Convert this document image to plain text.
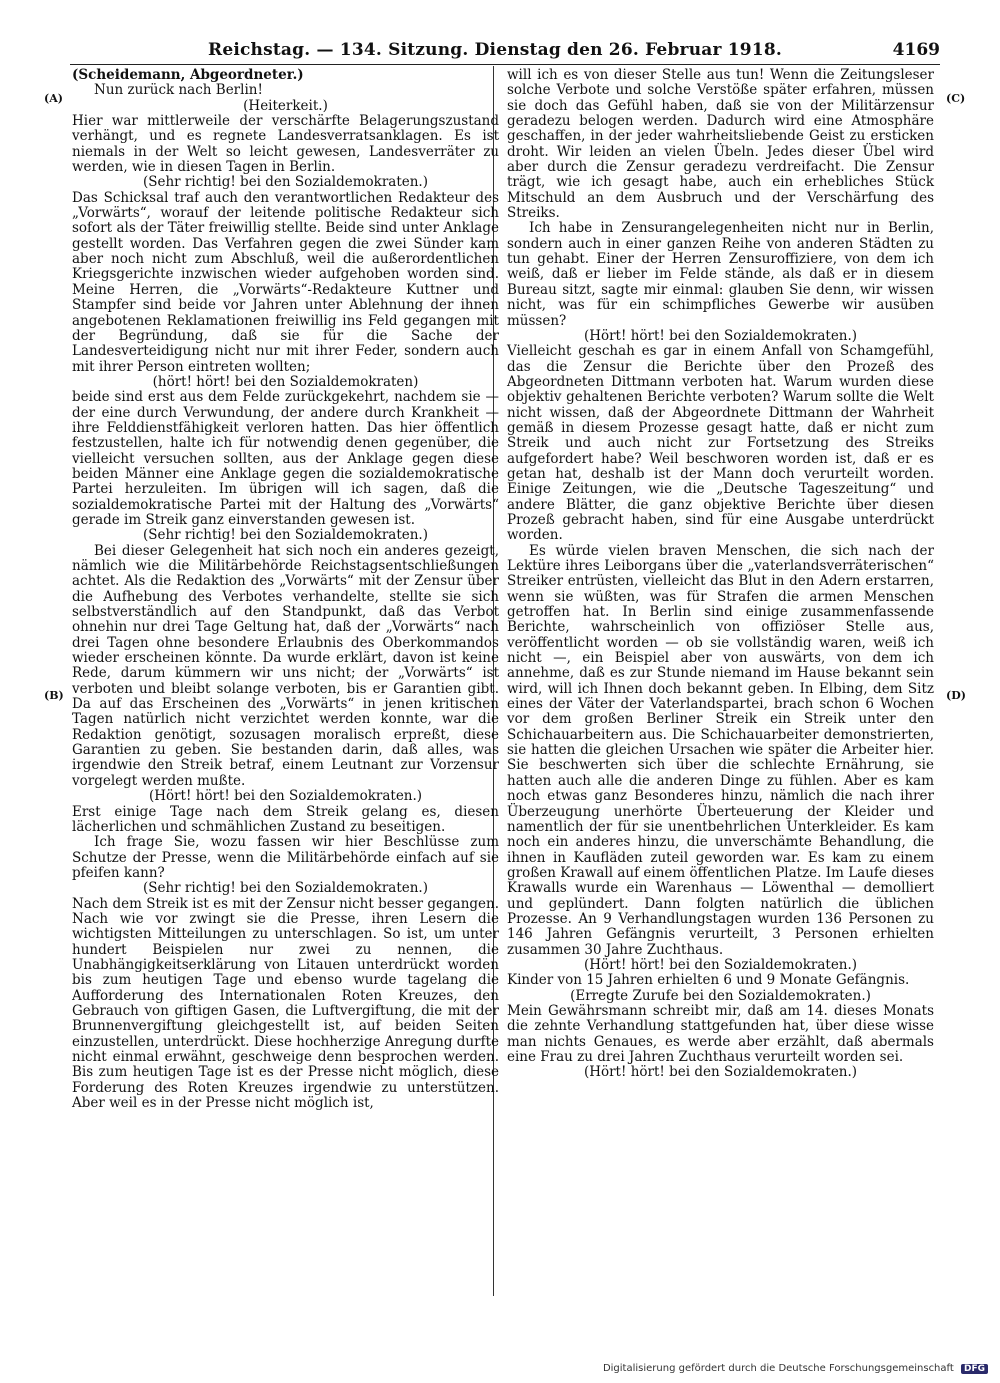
Reichstag. — 134. Sitzung. Dienstag den 26. Februar 1918.	4169
(A)
(B)
(C)
(D)

(Scheidemann, Abgeordneter.)

Nun zurück nach Berlin!

(Heiterkeit.)

Hier war mittlerweile der verschärfte Belagerungszustand verhängt, und es regnete Landesverratsanklagen. Es ist niemals in der Welt so leicht gewesen, Landesverräter zu werden, wie in diesen Tagen in Berlin.

(Sehr richtig! bei den Sozialdemokraten.)

Das Schicksal traf auch den verantwortlichen Redakteur des „Vorwärts“, worauf der leitende politische Redakteur sich sofort als der Täter freiwillig stellte. Beide sind unter Anklage gestellt worden. Das Verfahren gegen die zwei Sünder kam aber noch nicht zum Abschluß, weil die außerordentlichen Kriegsgerichte inzwischen wieder aufgehoben worden sind. Meine Herren, die „Vorwärts“-Redakteure Kuttner und Stampfer sind beide vor Jahren unter Ablehnung der ihnen angebotenen Reklamationen freiwillig ins Feld gegangen mit der Begründung, daß sie für die Sache der Landesverteidigung nicht nur mit ihrer Feder, sondern auch mit ihrer Person eintreten wollten;

(hört! hört! bei den Sozialdemokraten)

beide sind erst aus dem Felde zurückgekehrt, nachdem sie — der eine durch Verwundung, der andere durch Krankheit — ihre Felddienstfähigkeit verloren hatten. Das hier öffentlich festzustellen, halte ich für notwendig denen gegenüber, die vielleicht versuchen sollten, aus der Anklage gegen diese beiden Männer eine Anklage gegen die sozialdemokratische Partei herzuleiten. Im übrigen will ich sagen, daß die sozialdemokratische Partei mit der Haltung des „Vorwärts“ gerade im Streik ganz einverstanden gewesen ist.

(Sehr richtig! bei den Sozialdemokraten.)

Bei dieser Gelegenheit hat sich noch ein anderes gezeigt, nämlich wie die Militärbehörde Reichstagsentschließungen achtet. Als die Redaktion des „Vorwärts“ mit der Zensur über die Aufhebung des Verbotes verhandelte, stellte sie sich selbstverständlich auf den Standpunkt, daß das Verbot ohnehin nur drei Tage Geltung hat, daß der „Vorwärts“ nach drei Tagen ohne besondere Erlaubnis des Oberkommandos wieder erscheinen könnte. Da wurde erklärt, davon ist keine Rede, darum kümmern wir uns nicht; der „Vorwärts“ ist verboten und bleibt solange verboten, bis er Garantien gibt. Da auf das Erscheinen des „Vorwärts“ in jenen kritischen Tagen natürlich nicht verzichtet werden konnte, war die Redaktion genötigt, sozusagen moralisch erpreßt, diese Garantien zu geben. Sie bestanden darin, daß alles, was irgendwie den Streik betraf, einem Leutnant zur Vorzensur vorgelegt werden mußte.

(Hört! hört! bei den Sozialdemokraten.)

Erst einige Tage nach dem Streik gelang es, diesen lächerlichen und schmählichen Zustand zu beseitigen.

Ich frage Sie, wozu fassen wir hier Beschlüsse zum Schutze der Presse, wenn die Militärbehörde einfach auf sie pfeifen kann?

(Sehr richtig! bei den Sozialdemokraten.)

Nach dem Streik ist es mit der Zensur nicht besser gegangen. Nach wie vor zwingt sie die Presse, ihren Lesern die wichtigsten Mitteilungen zu unterschlagen. So ist, um unter hundert Beispielen nur zwei zu nennen, die Unabhängigkeitserklärung von Litauen unterdrückt worden bis zum heutigen Tage und ebenso wurde tagelang die Aufforderung des Internationalen Roten Kreuzes, den Gebrauch von giftigen Gasen, die Luftvergiftung, die mit der Brunnenvergiftung gleichgestellt ist, auf beiden Seiten einzustellen, unterdrückt. Diese hochherzige Anregung durfte nicht einmal erwähnt, geschweige denn besprochen werden. Bis zum heutigen Tage ist es der Presse nicht möglich, diese Forderung des Roten Kreuzes irgendwie zu unterstützen. Aber weil es in der Presse nicht möglich ist,

will ich es von dieser Stelle aus tun! Wenn die Zeitungsleser solche Verbote und solche Verstöße später erfahren, müssen sie doch das Gefühl haben, daß sie von der Militärzensur geradezu belogen werden. Dadurch wird eine Atmosphäre geschaffen, in der jeder wahrheitsliebende Geist zu ersticken droht. Wir leiden an vielen Übeln. Jedes dieser Übel wird aber durch die Zensur geradezu verdreifacht. Die Zensur trägt, wie ich gesagt habe, auch ein erhebliches Stück Mitschuld an dem Ausbruch und der Verschärfung des Streiks.

Ich habe in Zensurangelegenheiten nicht nur in Berlin, sondern auch in einer ganzen Reihe von anderen Städten zu tun gehabt. Einer der Herren Zensuroffiziere, von dem ich weiß, daß er lieber im Felde stände, als daß er in diesem Bureau sitzt, sagte mir einmal: glauben Sie denn, wir wissen nicht, was für ein schimpfliches Gewerbe wir ausüben müssen?

(Hört! hört! bei den Sozialdemokraten.)

Vielleicht geschah es gar in einem Anfall von Schamgefühl, das die Zensur die Berichte über den Prozeß des Abgeordneten Dittmann verboten hat. Warum wurden diese objektiv gehaltenen Berichte verboten? Warum sollte die Welt nicht wissen, daß der Abgeordnete Dittmann der Wahrheit gemäß in diesem Prozesse gesagt hatte, daß er nicht zum Streik und auch nicht zur Fortsetzung des Streiks aufgefordert habe? Weil beschworen worden ist, daß er es getan hat, deshalb ist der Mann doch verurteilt worden. Einige Zeitungen, wie die „Deutsche Tageszeitung“ und andere Blätter, die ganz objektive Berichte über diesen Prozeß gebracht haben, sind für eine Ausgabe unterdrückt worden.

Es würde vielen braven Menschen, die sich nach der Lektüre ihres Leiborgans über die „vaterlandsverräterischen“ Streiker entrüsten, vielleicht das Blut in den Adern erstarren, wenn sie wüßten, was für Strafen die armen Menschen getroffen hat. In Berlin sind einige zusammenfassende Berichte, wahrscheinlich von offiziöser Stelle aus, veröffentlicht worden — ob sie vollständig waren, weiß ich nicht —, ein Beispiel aber von auswärts, von dem ich annehme, daß es zur Stunde niemand im Hause bekannt sein wird, will ich Ihnen doch bekannt geben. In Elbing, dem Sitz eines der Väter der Vaterlandspartei, brach schon 6 Wochen vor dem großen Berliner Streik ein Streik unter den Schichauarbeitern aus. Die Schichauarbeiter demonstrierten, sie hatten die gleichen Ursachen wie später die Arbeiter hier. Sie beschwerten sich über die schlechte Ernährung, sie hatten auch alle die anderen Dinge zu fühlen. Aber es kam noch etwas ganz Besonderes hinzu, nämlich die nach ihrer Überzeugung unerhörte Überteuerung der Kleider und namentlich der für sie unentbehrlichen Unterkleider. Es kam noch ein anderes hinzu, die unverschämte Behandlung, die ihnen in Kaufläden zuteil geworden war. Es kam zu einem großen Krawall auf einem öffentlichen Platze. Im Laufe dieses Krawalls wurde ein Warenhaus — Löwenthal — demolliert und geplündert. Dann folgten natürlich die üblichen Prozesse. An 9 Verhandlungstagen wurden 136 Personen zu 146 Jahren Gefängnis verurteilt, 3 Personen erhielten zusammen 30 Jahre Zuchthaus.

(Hört! hört! bei den Sozialdemokraten.)

Kinder von 15 Jahren erhielten 6 und 9 Monate Gefängnis.

(Erregte Zurufe bei den Sozialdemokraten.)

Mein Gewährsmann schreibt mir, daß am 14. dieses Monats die zehnte Verhandlung stattgefunden hat, über diese wisse man nichts Genaues, es werde aber erzählt, daß abermals eine Frau zu drei Jahren Zuchthaus verurteilt worden sei.

(Hört! hört! bei den Sozialdemokraten.)

Digitalisierung gefördert durch die Deutsche Forschungsgemeinschaft DFG
